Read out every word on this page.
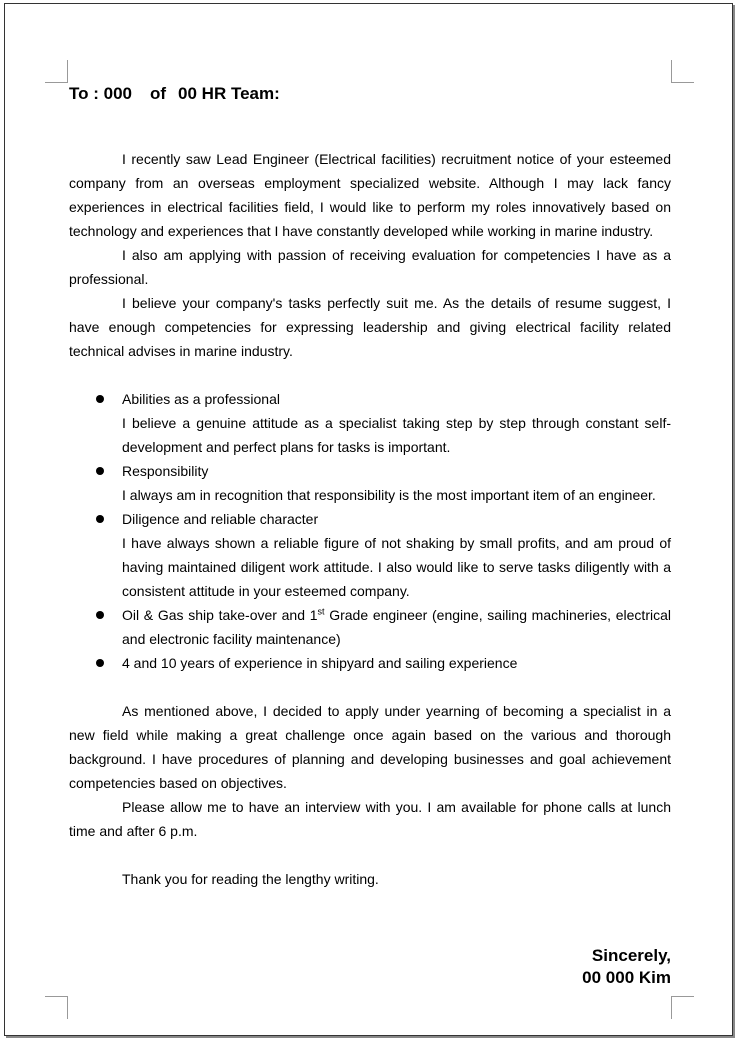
To : 000 of 00 HR Team:

I recently saw Lead Engineer (Electrical facilities) recruitment notice of your esteemed company from an overseas employment specialized website. Although I may lack fancy experiences in electrical facilities field, I would like to perform my roles innovatively based on technology and experiences that I have constantly developed while working in marine industry.

I also am applying with passion of receiving evaluation for competencies I have as a professional.

I believe your company's tasks perfectly suit me. As the details of resume suggest, I have enough competencies for expressing leadership and giving electrical facility related technical advises in marine industry.

Abilities as a professional
I believe a genuine attitude as a specialist taking step by step through constant self-development and perfect plans for tasks is important.
Responsibility
I always am in recognition that responsibility is the most important item of an engineer.
Diligence and reliable character
I have always shown a reliable figure of not shaking by small profits, and am proud of having maintained diligent work attitude. I also would like to serve tasks diligently with a consistent attitude in your esteemed company.
Oil & Gas ship take-over and 1st Grade engineer (engine, sailing machineries, electrical and electronic facility maintenance)
4 and 10 years of experience in shipyard and sailing experience

As mentioned above, I decided to apply under yearning of becoming a specialist in a new field while making a great challenge once again based on the various and thorough background. I have procedures of planning and developing businesses and goal achievement competencies based on objectives.

Please allow me to have an interview with you. I am available for phone calls at lunch time and after 6 p.m.

Thank you for reading the lengthy writing.

Sincerely,
00 000 Kim
